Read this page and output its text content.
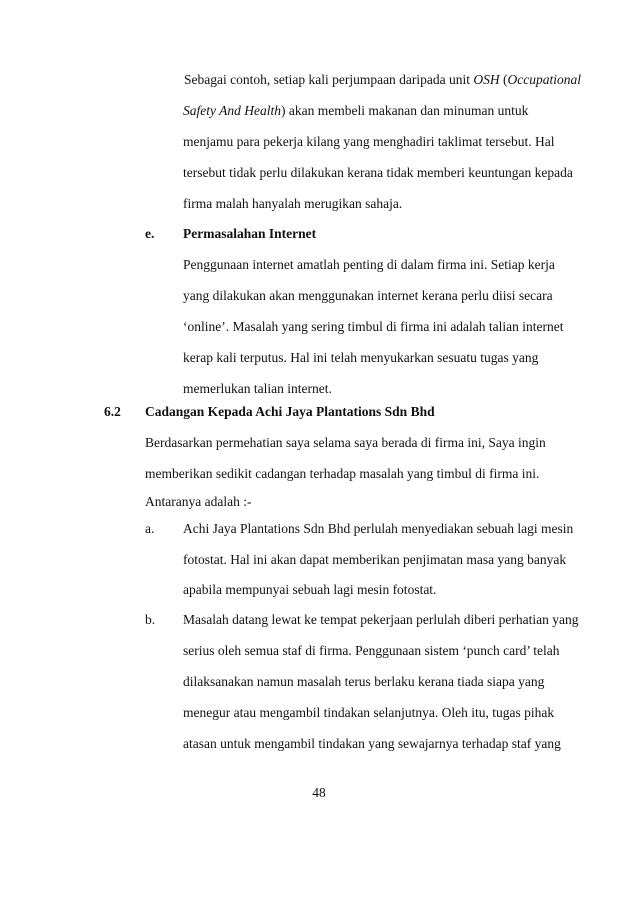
Sebagai contoh, setiap kali perjumpaan daripada unit OSH (Occupational
Safety And Health) akan membeli makanan dan minuman untuk
menjamu para pekerja kilang yang menghadiri taklimat tersebut. Hal
tersebut tidak perlu dilakukan kerana tidak memberi keuntungan kepada
firma malah hanyalah merugikan sahaja.
e. Permasalahan Internet
Penggunaan internet amatlah penting di dalam firma ini. Setiap kerja
yang dilakukan akan menggunakan internet kerana perlu diisi secara
‘online’. Masalah yang sering timbul di firma ini adalah talian internet
kerap kali terputus. Hal ini telah menyukarkan sesuatu tugas yang
memerlukan talian internet.
6.2 Cadangan Kepada Achi Jaya Plantations Sdn Bhd
Berdasarkan permehatian saya selama saya berada di firma ini, Saya ingin
memberikan sedikit cadangan terhadap masalah yang timbul di firma ini.
Antaranya adalah :-
a. Achi Jaya Plantations Sdn Bhd perlulah menyediakan sebuah lagi mesin
fotostat. Hal ini akan dapat memberikan penjimatan masa yang banyak
apabila mempunyai sebuah lagi mesin fotostat.
b. Masalah datang lewat ke tempat pekerjaan perlulah diberi perhatian yang
serius oleh semua staf di firma. Penggunaan sistem ‘punch card’ telah
dilaksanakan namun masalah terus berlaku kerana tiada siapa yang
menegur atau mengambil tindakan selanjutnya. Oleh itu, tugas pihak
atasan untuk mengambil tindakan yang sewajarnya terhadap staf yang
48
